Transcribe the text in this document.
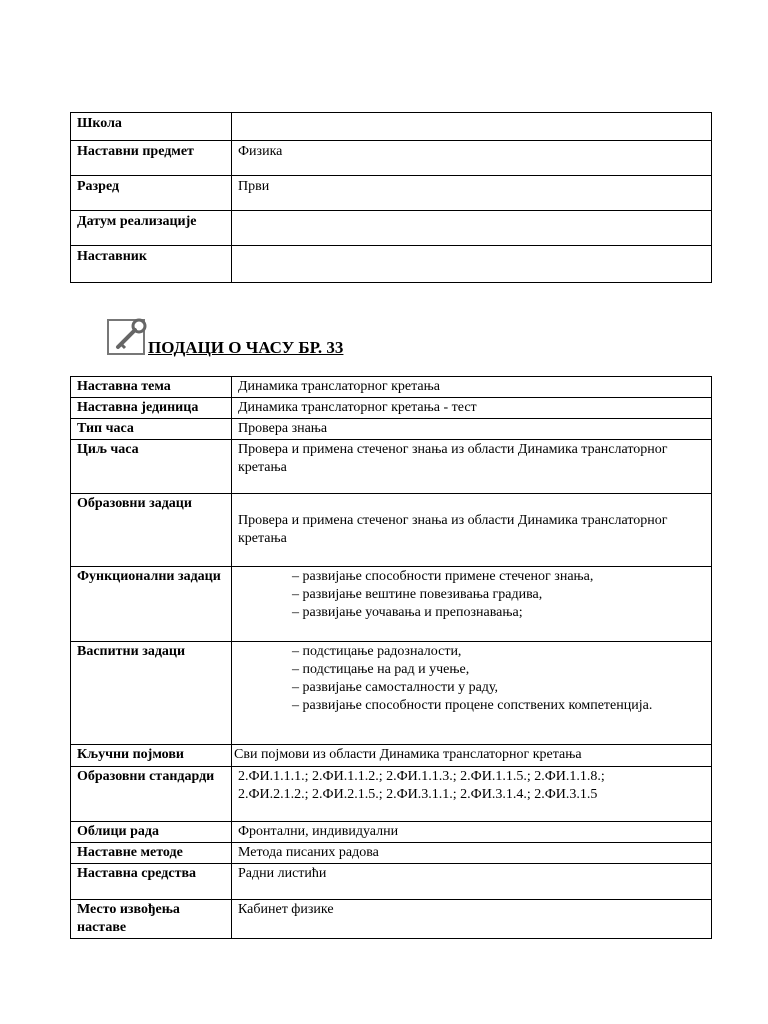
Школа	
Наставни предмет	Физика
Разред	Први
Датум реализације	
Наставник	
ПОДАЦИ О ЧАСУ БР. 33
Наставна тема	Динамика транслаторног кретања
Наставна јединица	Динамика транслаторног кретања - тест
Тип часа	Провера знања
Циљ часа	Провера и примена стеченог знања из области Динамика транслаторног кретања
Образовни задаци	Провера и примена стеченог знања из области Динамика транслаторног кретања
Функционални задаци	– развијање способности примене стеченог знања,
– развијање вештине повезивања градива,
– развијање уочавања и препознавања;

Васпитни задаци	– подстицање радозналости,
– подстицање на рад и учење,
– развијање самосталности у раду,
– развијање способности процене сопствених компетенција.

Кључни појмови	Сви појмови из области Динамика транслаторног кретања
Образовни стандарди	2.ФИ.1.1.1.; 2.ФИ.1.1.2.; 2.ФИ.1.1.3.; 2.ФИ.1.1.5.; 2.ФИ.1.1.8.;
2.ФИ.2.1.2.; 2.ФИ.2.1.5.; 2.ФИ.3.1.1.; 2.ФИ.3.1.4.; 2.ФИ.3.1.5

Облици рада	Фронтални, индивидуални
Наставне методе	Метода писаних радова
Наставна средства	Радни листићи
Место извођења наставе	Кабинет физике
